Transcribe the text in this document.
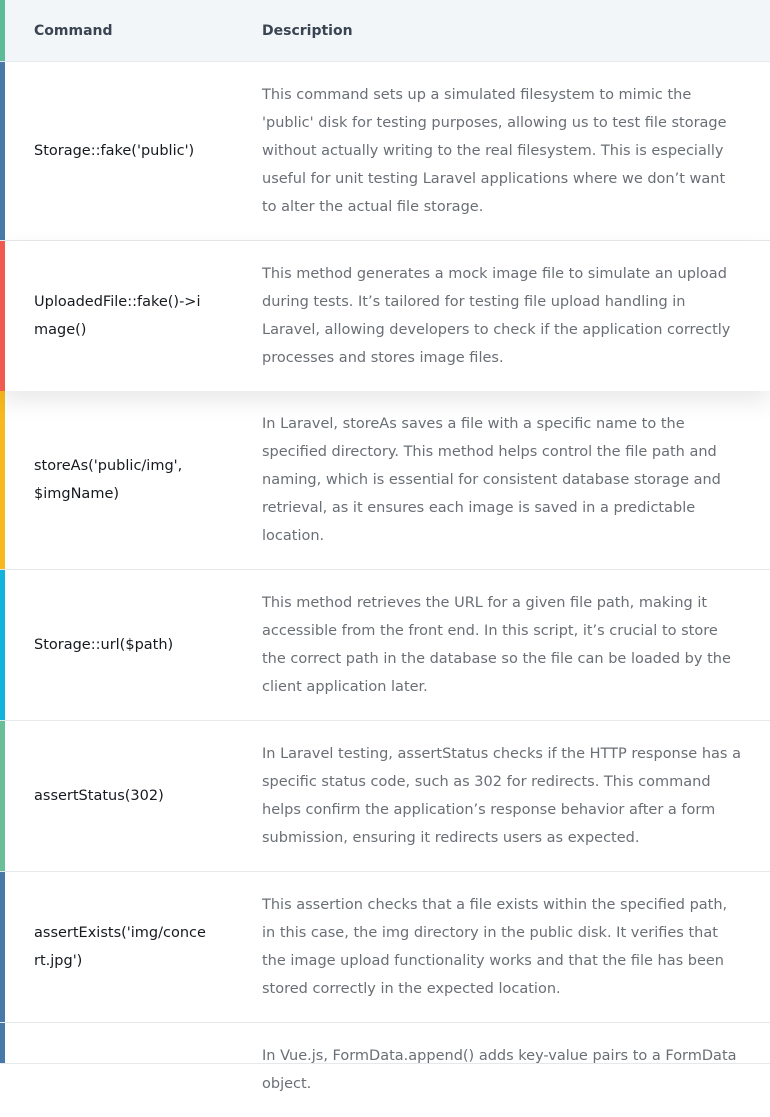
Command	Description
Storage::fake('public')
This command sets up a simulated filesystem to mimic the 'public' disk for testing purposes, allowing us to test file storage without actually writing to the real filesystem. This is especially useful for unit testing Laravel applications where we don’t want to alter the actual file storage.
UploadedFile::fake()->image()
This method generates a mock image file to simulate an upload during tests. It’s tailored for testing file upload handling in Laravel, allowing developers to check if the application correctly processes and stores image files.
storeAs('public/img', $imgName)
In Laravel, storeAs saves a file with a specific name to the specified directory. This method helps control the file path and naming, which is essential for consistent database storage and retrieval, as it ensures each image is saved in a predictable location.
Storage::url($path)
This method retrieves the URL for a given file path, making it accessible from the front end. In this script, it’s crucial to store the correct path in the database so the file can be loaded by the client application later.
assertStatus(302)
In Laravel testing, assertStatus checks if the HTTP response has a specific status code, such as 302 for redirects. This command helps confirm the application’s response behavior after a form submission, ensuring it redirects users as expected.
assertExists('img/concert.jpg')
This assertion checks that a file exists within the specified path, in this case, the img directory in the public disk. It verifies that the image upload functionality works and that the file has been stored correctly in the expected location.
In Vue.js, FormData.append() adds key-value pairs to a FormData object.
